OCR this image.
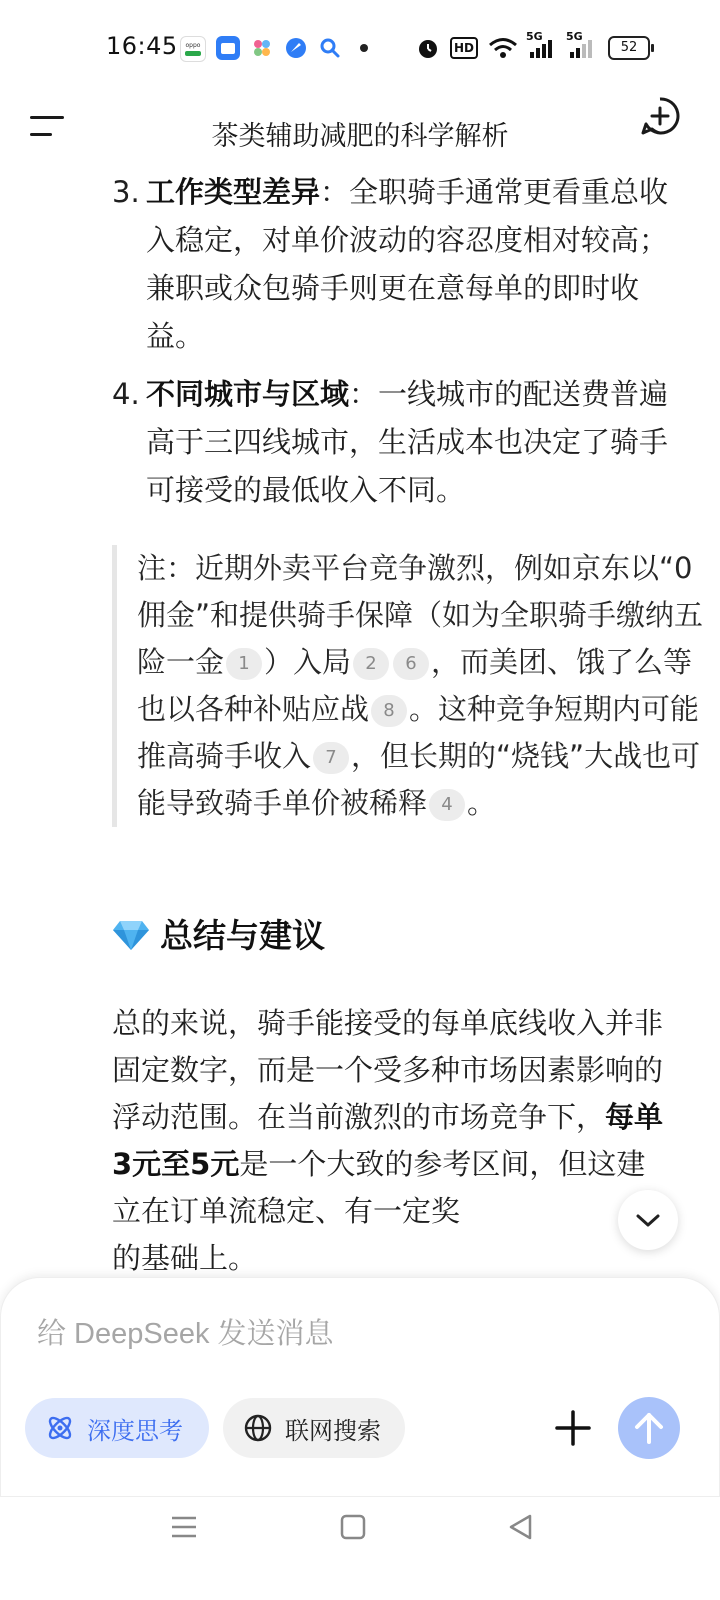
16:45 oppo	HD
5G 5G
52
茶类辅助减肥的科学解析
3. 工作类型差异：全职骑手通常更看重总收入稳定，对单价波动的容忍度相对较高；兼职或众包骑手则更在意每单的即时收益。
4. 不同城市与区域：一线城市的配送费普遍高于三四线城市，生活成本也决定了骑手可接受的最低收入不同。
注：近期外卖平台竞争激烈，例如京东以“0佣金”和提供骑手保障（如为全职骑手缴纳五险一金 1 ）入局 2 6 ，而美团、饿了么等也以各种补贴应战 8 。这种竞争短期内可能推高骑手收入 7 ，但长期的“烧钱”大战也可能导致骑手单价被稀释 4 。
总结与建议
总的来说，骑手能接受的每单底线收入并非固定数字，而是一个受多种市场因素影响的浮动范围。在当前激烈的市场竞争下，每单3元至5元是一个大致的参考区间，但这建立在订单流稳定、有一定奖
的基础上。
给 DeepSeek 发送消息
深度思考	联网搜索
